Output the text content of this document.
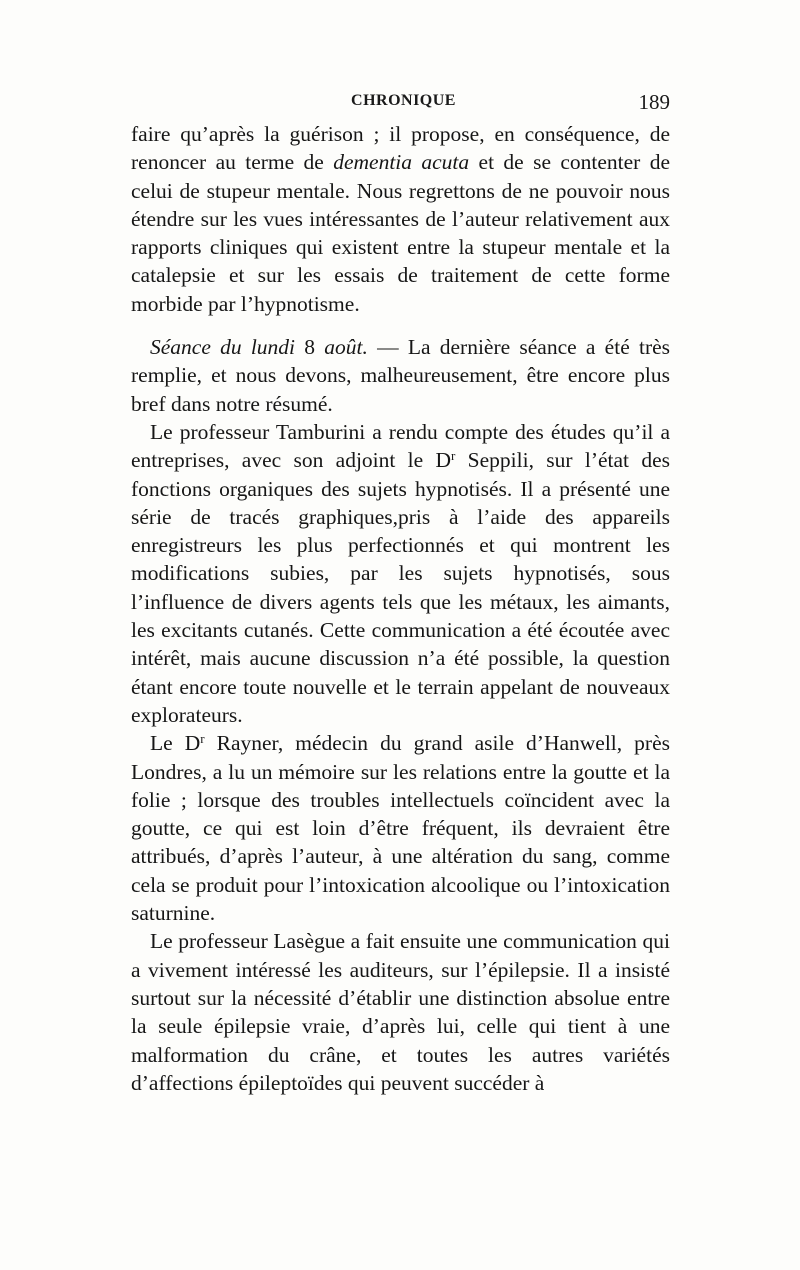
CHRONIQUE	189

faire qu’après la guérison ; il propose, en conséquence, de renoncer au terme de dementia acuta et de se contenter de celui de stupeur mentale. Nous regrettons de ne pouvoir nous étendre sur les vues intéressantes de l’auteur relativement aux rapports cliniques qui existent entre la stupeur mentale et la catalepsie et sur les essais de traitement de cette forme morbide par l’hypnotisme.

Séance du lundi 8 août. — La dernière séance a été très remplie, et nous devons, malheureusement, être encore plus bref dans notre résumé.

Le professeur Tamburini a rendu compte des études qu’il a entreprises, avec son adjoint le $D^r$ Seppili, sur l’état des fonctions organiques des sujets hypnotisés. Il a présenté une série de tracés graphiques,pris à l’aide des appareils enregistreurs les plus perfectionnés et qui montrent les modifications subies, par les sujets hypnotisés, sous l’influence de divers agents tels que les métaux, les aimants, les excitants cutanés. Cette communication a été écoutée avec intérêt, mais aucune discussion n’a été possible, la question étant encore toute nouvelle et le terrain appelant de nouveaux explorateurs.

Le $D^r$ Rayner, médecin du grand asile d’Hanwell, près Londres, a lu un mémoire sur les relations entre la goutte et la folie ; lorsque des troubles intellectuels coïncident avec la goutte, ce qui est loin d’être fréquent, ils devraient être attribués, d’après l’auteur, à une altération du sang, comme cela se produit pour l’intoxication alcoolique ou l’intoxication saturnine.

Le professeur Lasègue a fait ensuite une communication qui a vivement intéressé les auditeurs, sur l’épilepsie. Il a insisté surtout sur la nécessité d’établir une distinction absolue entre la seule épilepsie vraie, d’après lui, celle qui tient à une malformation du crâne, et toutes les autres variétés d’affections épileptoïdes qui peuvent succéder à
